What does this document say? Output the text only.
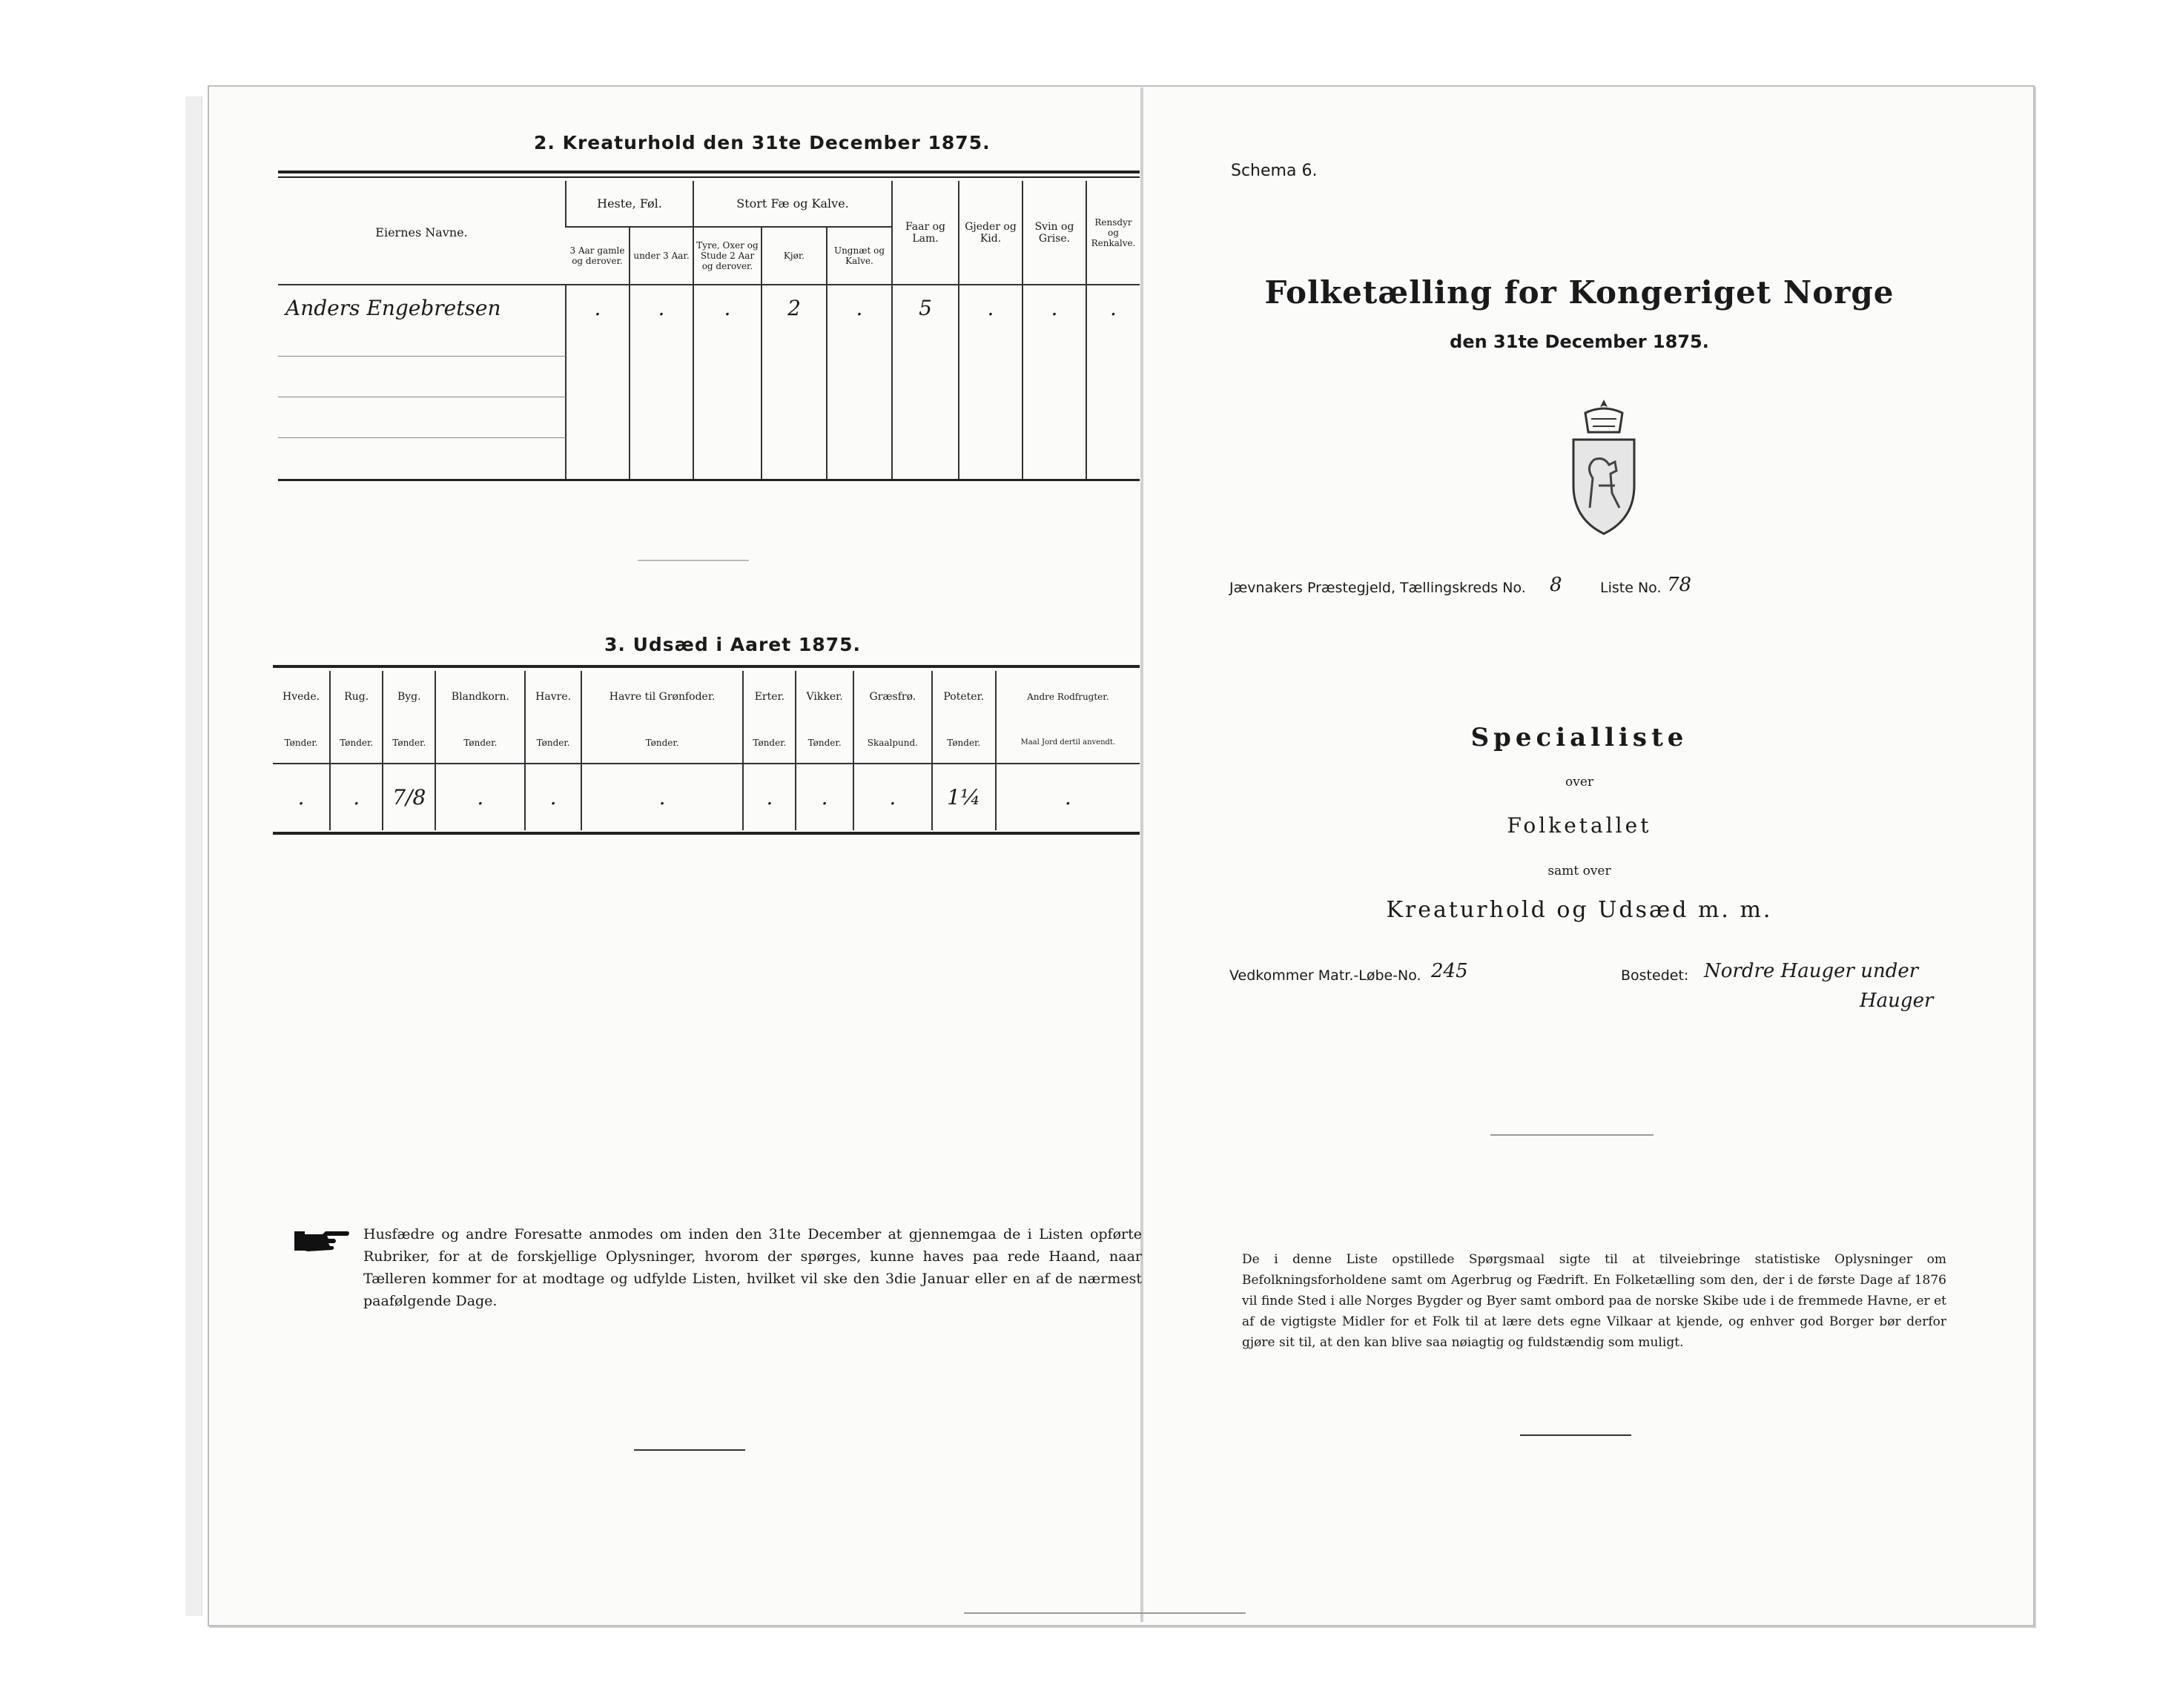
2. Kreaturhold den 31te December 1875.
Eiernes Navne.	Heste, Føl.		Stort Fæ og Kalve.			Faar og Lam.	Gjeder og Kid.	Svin og Grise.	Rensdyr og Renkalve.

	3 Aar gamle og derover.	under 3 Aar.	Tyre, Oxer og Stude 2 Aar og derover.	Kjør.	Ungnæt og Kalve.				

Anders Engebretsen	.	.	.	2	.	5	.	.	.

3. Udsæd i Aaret 1875.
Hvede.	Rug.	Byg.	Blandkorn.	Havre.	Havre til Grønfoder.	Erter.	Vikker.	Græsfrø.	Poteter.	Andre Rodfrugter.

Tønder.	Tønder.	Tønder.	Tønder.	Tønder.	Tønder.	Tønder.	Tønder.	Skaalpund.	Tønder.	Maal Jord dertil anvendt.

.	.	7/8	.	.	.	.	.	.	1¼	.
Husfædre og andre Foresatte anmodes om inden den 31te December at gjennemgaa de i Listen opførte Rubriker, for at de forskjellige Oplysninger, hvorom der spørges, kunne haves paa rede Haand, naar Tælleren kommer for at modtage og udfylde Listen, hvilket vil ske den 3die Januar eller en af de nærmest paafølgende Dage.
Schema 6.
Folketælling for Kongeriget Norge
den 31te December 1875.
Jævnakers Præstegjeld, Tællingskreds No. 8	Liste No. 78
Specialliste
over
Folketallet
samt over
Kreaturhold og Udsæd m. m.
Vedkommer Matr.-Løbe-No. 245	Bostedet: Nordre Hauger under
Hauger
De i denne Liste opstillede Spørgsmaal sigte til at tilveiebringe statistiske Oplysninger om Befolkningsforholdene samt om Agerbrug og Fædrift. En Folketælling som den, der i de første Dage af 1876 vil finde Sted i alle Norges Bygder og Byer samt ombord paa de norske Skibe ude i de fremmede Havne, er et af de vigtigste Midler for et Folk til at lære dets egne Vilkaar at kjende, og enhver god Borger bør derfor gjøre sit til, at den kan blive saa nøiagtig og fuldstændig som muligt.
